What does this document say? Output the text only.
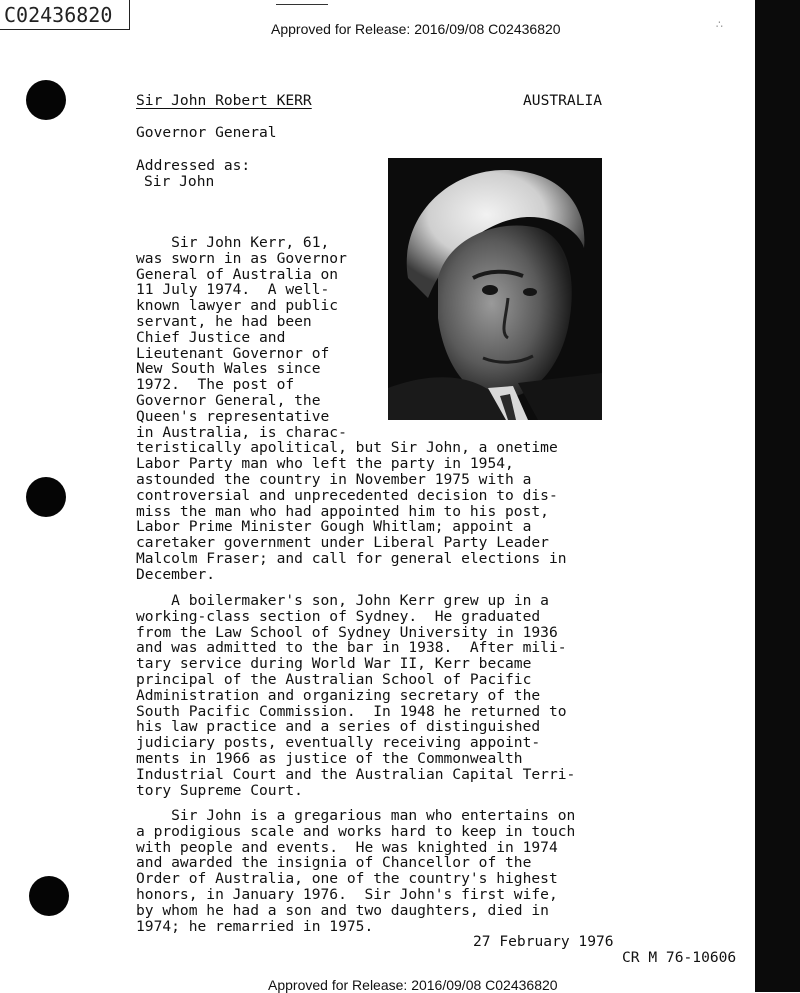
C02436820
Approved for Release: 2016/09/08 C02436820	∴
Sir John Robert KERR	AUSTRALIA
Governor General
Addressed as:
Sir John
Sir John Kerr, 61,
was sworn in as Governor
General of Australia on
11 July 1974.  A well-
known lawyer and public
servant, he had been
Chief Justice and
Lieutenant Governor of
New South Wales since
1972.  The post of
Governor General, the
Queen's representative
in Australia, is charac-
teristically apolitical, but Sir John, a onetime
Labor Party man who left the party in 1954,
astounded the country in November 1975 with a
controversial and unprecedented decision to dis-
miss the man who had appointed him to his post,
Labor Prime Minister Gough Whitlam; appoint a
caretaker government under Liberal Party Leader
Malcolm Fraser; and call for general elections in
December.
A boilermaker's son, John Kerr grew up in a
working-class section of Sydney.  He graduated
from the Law School of Sydney University in 1936
and was admitted to the bar in 1938.  After mili-
tary service during World War II, Kerr became
principal of the Australian School of Pacific
Administration and organizing secretary of the
South Pacific Commission.  In 1948 he returned to
his law practice and a series of distinguished
judiciary posts, eventually receiving appoint-
ments in 1966 as justice of the Commonwealth
Industrial Court and the Australian Capital Terri-
tory Supreme Court.
Sir John is a gregarious man who entertains on
a prodigious scale and works hard to keep in touch
with people and events.  He was knighted in 1974
and awarded the insignia of Chancellor of the
Order of Australia, one of the country's highest
honors, in January 1976.  Sir John's first wife,
by whom he had a son and two daughters, died in
1974; he remarried in 1975.
27 February 1976
CR M 76-10606
Approved for Release: 2016/09/08 C02436820
